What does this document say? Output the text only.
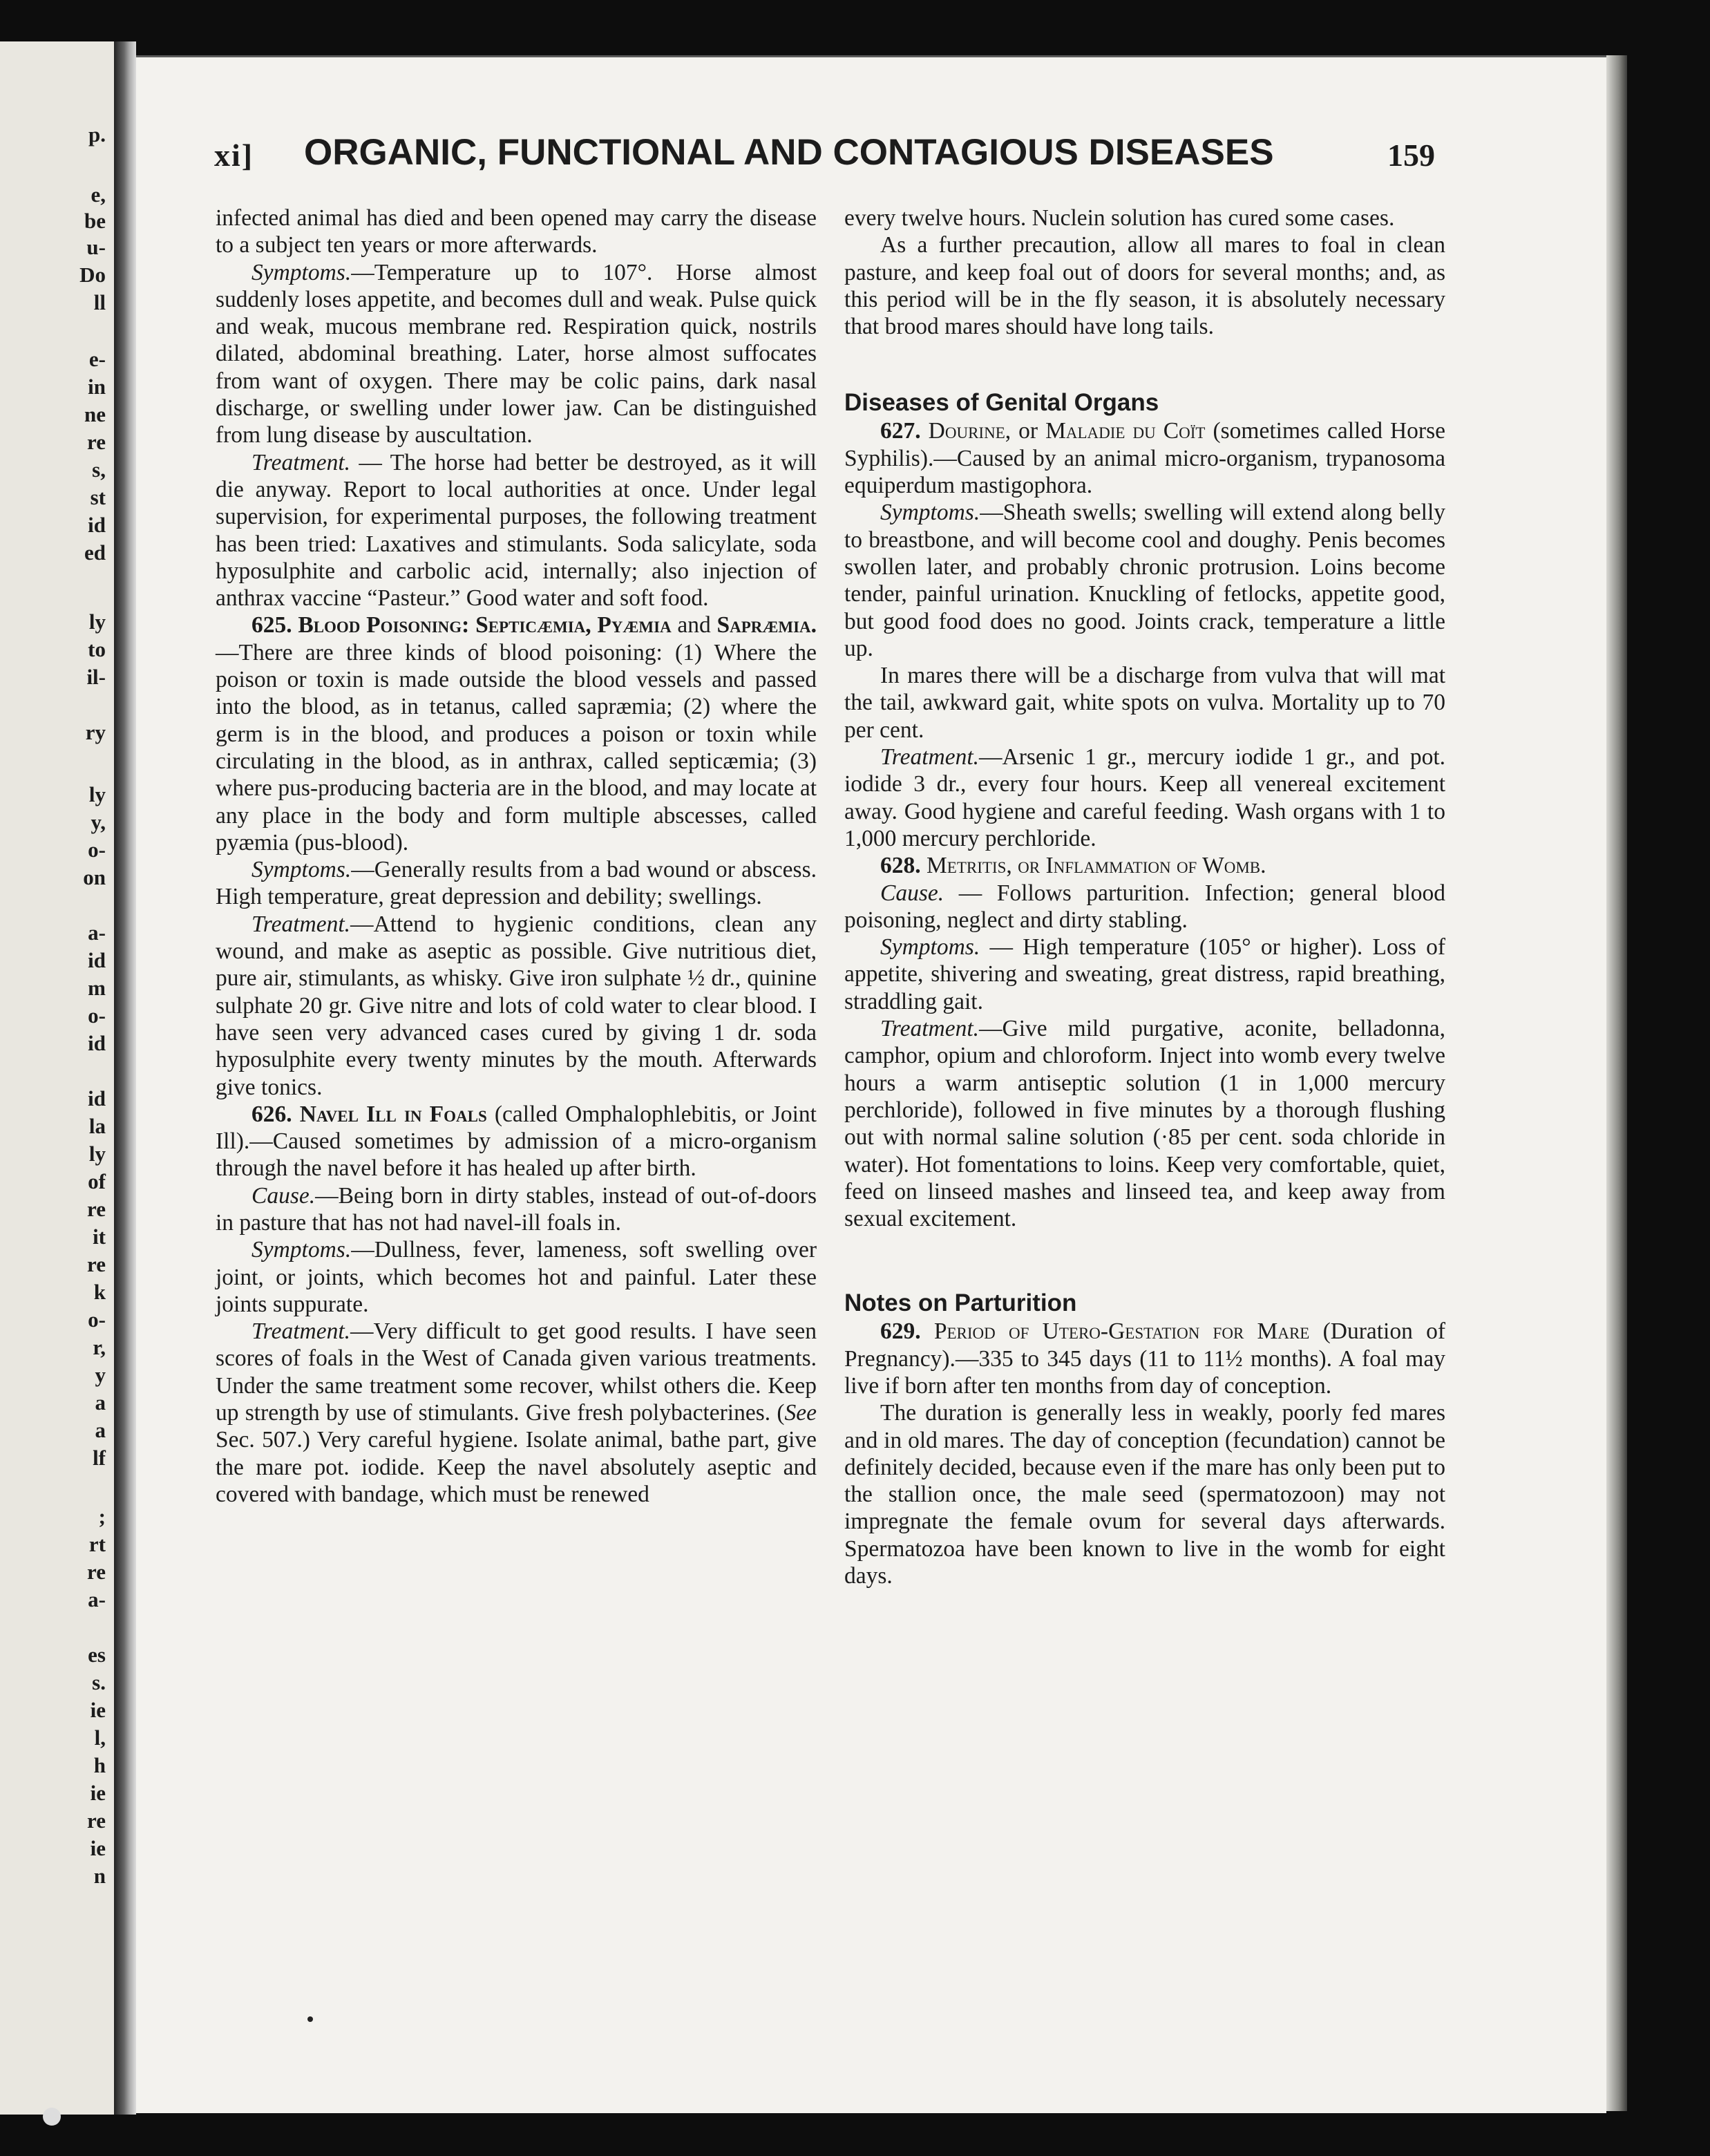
p.
e,
be
u-
Do
ll
e-
in
ne
re
s,
st
id
ed
ly
to
il-
ry
ly
y,
o-
on
a-
id
m
o-
id
id
la
ly
of
re
it
re
k
o-
r,
y
a
a
lf
;
rt
re
a-
es
s.
ie
l,
h
ie
re
ie
n
xi] ORGANIC, FUNCTIONAL AND CONTAGIOUS DISEASES	159

infected animal has died and been opened may carry the disease to a subject ten years or more afterwards.

Symptoms.—Temperature up to 107°. Horse almost suddenly loses appetite, and becomes dull and weak. Pulse quick and weak, mucous membrane red. Respiration quick, nostrils dilated, abdominal breathing. Later, horse almost suffocates from want of oxygen. There may be colic pains, dark nasal discharge, or swelling under lower jaw. Can be distinguished from lung disease by auscultation.

Treatment. — The horse had better be destroyed, as it will die anyway. Report to local authorities at once. Under legal supervision, for experimental purposes, the following treatment has been tried: Laxatives and stimulants. Soda salicylate, soda hyposulphite and carbolic acid, internally; also injection of anthrax vaccine “Pasteur.” Good water and soft food.

625. Blood Poisoning: Septicæmia, Pyæmia and Sapræmia.—There are three kinds of blood poisoning: (1) Where the poison or toxin is made outside the blood vessels and passed into the blood, as in tetanus, called sapræmia; (2) where the germ is in the blood, and produces a poison or toxin while circulating in the blood, as in anthrax, called septicæmia; (3) where pus-producing bacteria are in the blood, and may locate at any place in the body and form multiple abscesses, called pyæmia (pus-blood).

Symptoms.—Generally results from a bad wound or abscess. High temperature, great depression and debility; swellings.

Treatment.—Attend to hygienic conditions, clean any wound, and make as aseptic as possible. Give nutritious diet, pure air, stimulants, as whisky. Give iron sulphate ½ dr., quinine sulphate 20 gr. Give nitre and lots of cold water to clear blood. I have seen very advanced cases cured by giving 1 dr. soda hyposulphite every twenty minutes by the mouth. Afterwards give tonics.

626. Navel Ill in Foals (called Omphalophlebitis, or Joint Ill).—Caused sometimes by admission of a micro-organism through the navel before it has healed up after birth.

Cause.—Being born in dirty stables, instead of out-of-doors in pasture that has not had navel-ill foals in.

Symptoms.—Dullness, fever, lameness, soft swelling over joint, or joints, which becomes hot and painful. Later these joints suppurate.

Treatment.—Very difficult to get good results. I have seen scores of foals in the West of Canada given various treatments. Under the same treatment some recover, whilst others die. Keep up strength by use of stimulants. Give fresh polybacterines. (See Sec. 507.) Very careful hygiene. Isolate animal, bathe part, give the mare pot. iodide. Keep the navel absolutely aseptic and covered with bandage, which must be renewed

every twelve hours. Nuclein solution has cured some cases.

As a further precaution, allow all mares to foal in clean pasture, and keep foal out of doors for several months; and, as this period will be in the fly season, it is absolutely necessary that brood mares should have long tails.

Diseases of Genital Organs

627. Dourine, or Maladie du Coït (sometimes called Horse Syphilis).—Caused by an animal micro-organism, trypanosoma equiperdum mastigophora.

Symptoms.—Sheath swells; swelling will extend along belly to breastbone, and will become cool and doughy. Penis becomes swollen later, and probably chronic protrusion. Loins become tender, painful urination. Knuckling of fetlocks, appetite good, but good food does no good. Joints crack, temperature a little up.

In mares there will be a discharge from vulva that will mat the tail, awkward gait, white spots on vulva. Mortality up to 70 per cent.

Treatment.—Arsenic 1 gr., mercury iodide 1 gr., and pot. iodide 3 dr., every four hours. Keep all venereal excitement away. Good hygiene and careful feeding. Wash organs with 1 to 1,000 mercury perchloride.

628. Metritis, or Inflammation of Womb.

Cause. — Follows parturition. Infection; general blood poisoning, neglect and dirty stabling.

Symptoms. — High temperature (105° or higher). Loss of appetite, shivering and sweating, great distress, rapid breathing, straddling gait.

Treatment.—Give mild purgative, aconite, belladonna, camphor, opium and chloroform. Inject into womb every twelve hours a warm antiseptic solution (1 in 1,000 mercury perchloride), followed in five minutes by a thorough flushing out with normal saline solution (·85 per cent. soda chloride in water). Hot fomentations to loins. Keep very comfortable, quiet, feed on linseed mashes and linseed tea, and keep away from sexual excitement.

Notes on Parturition

629. Period of Utero-Gestation for Mare (Duration of Pregnancy).—335 to 345 days (11 to 11½ months). A foal may live if born after ten months from day of conception.

The duration is generally less in weakly, poorly fed mares and in old mares. The day of conception (fecundation) cannot be definitely decided, because even if the mare has only been put to the stallion once, the male seed (spermatozoon) may not impregnate the female ovum for several days afterwards. Spermatozoa have been known to live in the womb for eight days.
